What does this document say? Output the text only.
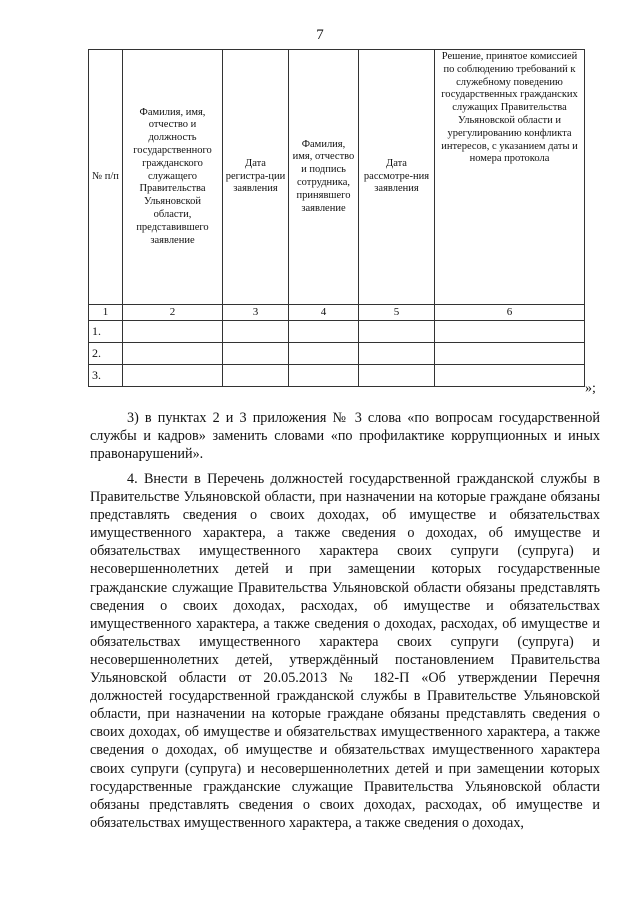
7
№ п/п	Фамилия, имя, отчество и должность государственного гражданского служащего Правительства Ульяновской области, представившего заявление	Дата регистра-ции заявления	Фамилия, имя, отчество и подпись сотрудника, принявшего заявление	Дата рассмотре-ния заявления	Решение, принятое комиссией по соблюдению требований к служебному поведению государственных гражданских служащих Правительства Ульяновской области и урегулированию конфликта интересов, с указанием даты и номера протокола
1	2	3	4	5	6
1.					
2.					
3.					
»;

3) в пунктах 2 и 3 приложения № 3 слова «по вопросам государственной службы и кадров» заменить словами «по профилактике коррупционных и иных правонарушений».

4. Внести в Перечень должностей государственной гражданской службы в Правительстве Ульяновской области, при назначении на которые граждане обязаны представлять сведения о своих доходах, об имуществе и обязательствах имущественного характера, а также сведения о доходах, об имуществе и обязательствах имущественного характера своих супруги (супруга) и несовершеннолетних детей и при замещении которых государственные гражданские служащие Правительства Ульяновской области обязаны представлять сведения о своих доходах, расходах, об имуществе и обязательствах имущественного характера, а также сведения о доходах, расходах, об имуществе и обязательствах имущественного характера своих супруги (супруга) и несовершеннолетних детей, утверждённый постановлением Правительства Ульяновской области от 20.05.2013 № 182-П «Об утверждении Перечня должностей государственной гражданской службы в Правительстве Ульяновской области, при назначении на которые граждане обязаны представлять сведения о своих доходах, об имуществе и обязательствах имущественного характера, а также сведения о доходах, об имуществе и обязательствах имущественного характера своих супруги (супруга) и несовершеннолетних детей и при замещении которых государственные гражданские служащие Правительства Ульяновской области обязаны представлять сведения о своих доходах, расходах, об имуществе и обязательствах имущественного характера, а также сведения о доходах,
